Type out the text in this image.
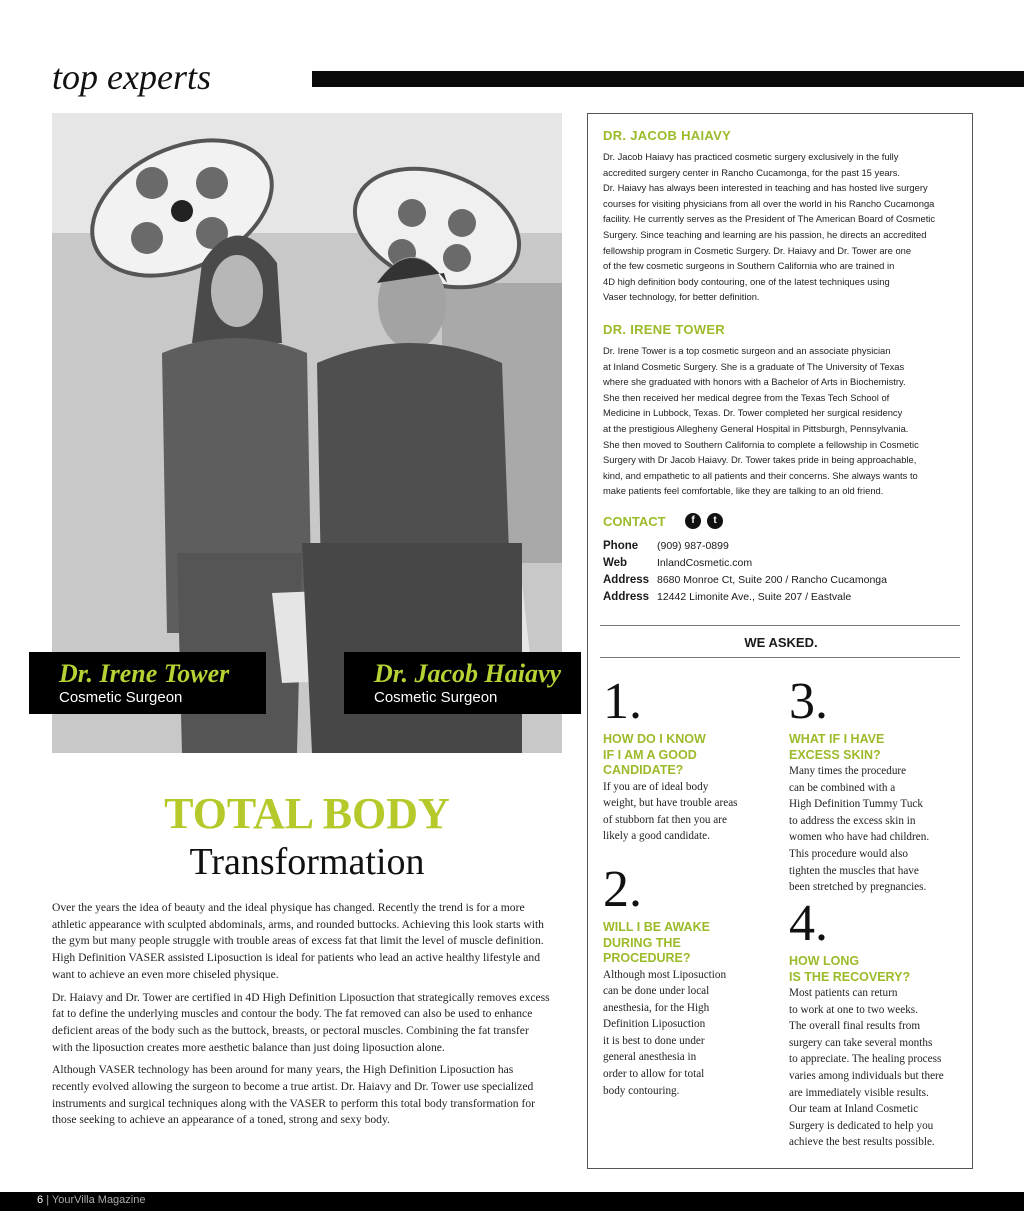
top experts
Dr. Irene Tower
Cosmetic Surgeon
Dr. Jacob Haiavy
Cosmetic Surgeon
TOTAL BODY
Transformation

Over the years the idea of beauty and the ideal physique has changed. Recently the trend is for a more athletic appearance with sculpted abdominals, arms, and rounded buttocks. Achieving this look starts with the gym but many people struggle with trouble areas of excess fat that limit the level of muscle definition. High Definition VASER assisted Liposuction is ideal for patients who lead an active healthy lifestyle and want to achieve an even more chiseled physique.

Dr. Haiavy and Dr. Tower are certified in 4D High Definition Liposuction that strategically removes excess fat to define the underlying muscles and contour the body. The fat removed can also be used to enhance deficient areas of the body such as the buttock, breasts, or pectoral muscles. Combining the fat transfer with the liposuction creates more aesthetic balance than just doing liposuction alone.

Although VASER technology has been around for many years, the High Definition Liposuction has recently evolved allowing the surgeon to become a true artist. Dr. Haiavy and Dr. Tower use specialized instruments and surgical techniques along with the VASER to perform this total body transformation for those seeking to achieve an appearance of a toned, strong and sexy body.

DR. JACOB HAIAVY
Dr. Jacob Haiavy has practiced cosmetic surgery exclusively in the fully
accredited surgery center in Rancho Cucamonga, for the past 15 years.
Dr. Haiavy has always been interested in teaching and has hosted live surgery
courses for visiting physicians from all over the world in his Rancho Cucamonga
facility. He currently serves as the President of The American Board of Cosmetic
Surgery. Since teaching and learning are his passion, he directs an accredited
fellowship program in Cosmetic Surgery. Dr. Haiavy and Dr. Tower are one
of the few cosmetic surgeons in Southern California who are trained in
4D high definition body contouring, one of the latest techniques using
Vaser technology, for better definition.
DR. IRENE TOWER
Dr. Irene Tower is a top cosmetic surgeon and an associate physician
at Inland Cosmetic Surgery. She is a graduate of The University of Texas
where she graduated with honors with a Bachelor of Arts in Biochemistry.
She then received her medical degree from the Texas Tech School of
Medicine in Lubbock, Texas. Dr. Tower completed her surgical residency
at the prestigious Allegheny General Hospital in Pittsburgh, Pennsylvania.
She then moved to Southern California to complete a fellowship in Cosmetic
Surgery with Dr Jacob Haiavy. Dr. Tower takes pride in being approachable,
kind, and empathetic to all patients and their concerns. She always wants to
make patients feel comfortable, like they are talking to an old friend.
CONTACT	f	t
Phone (909) 987-0899
Web	InlandCosmetic.com
Address 8680 Monroe Ct, Suite 200 / Rancho Cucamonga
Address 12442 Limonite Ave., Suite 207 / Eastvale
WE ASKED.
1.
HOW DO I KNOW
IF I AM A GOOD
CANDIDATE?
If you are of ideal body
weight, but have trouble areas
of stubborn fat then you are
likely a good candidate.
2.
WILL I BE AWAKE
DURING THE
PROCEDURE?
Although most Liposuction
can be done under local
anesthesia, for the High
Definition Liposuction
it is best to done under
general anesthesia in
order to allow for total
body contouring.
3.
WHAT IF I HAVE
EXCESS SKIN?
Many times the procedure
can be combined with a
High Definition Tummy Tuck
to address the excess skin in
women who have had children.
This procedure would also
tighten the muscles that have
been stretched by pregnancies.
4.
HOW LONG
IS THE RECOVERY?
Most patients can return
to work at one to two weeks.
The overall final results from
surgery can take several months
to appreciate. The healing process
varies among individuals but there
are immediately visible results.
Our team at Inland Cosmetic
Surgery is dedicated to help you
achieve the best results possible.
6 | YourVilla Magazine
